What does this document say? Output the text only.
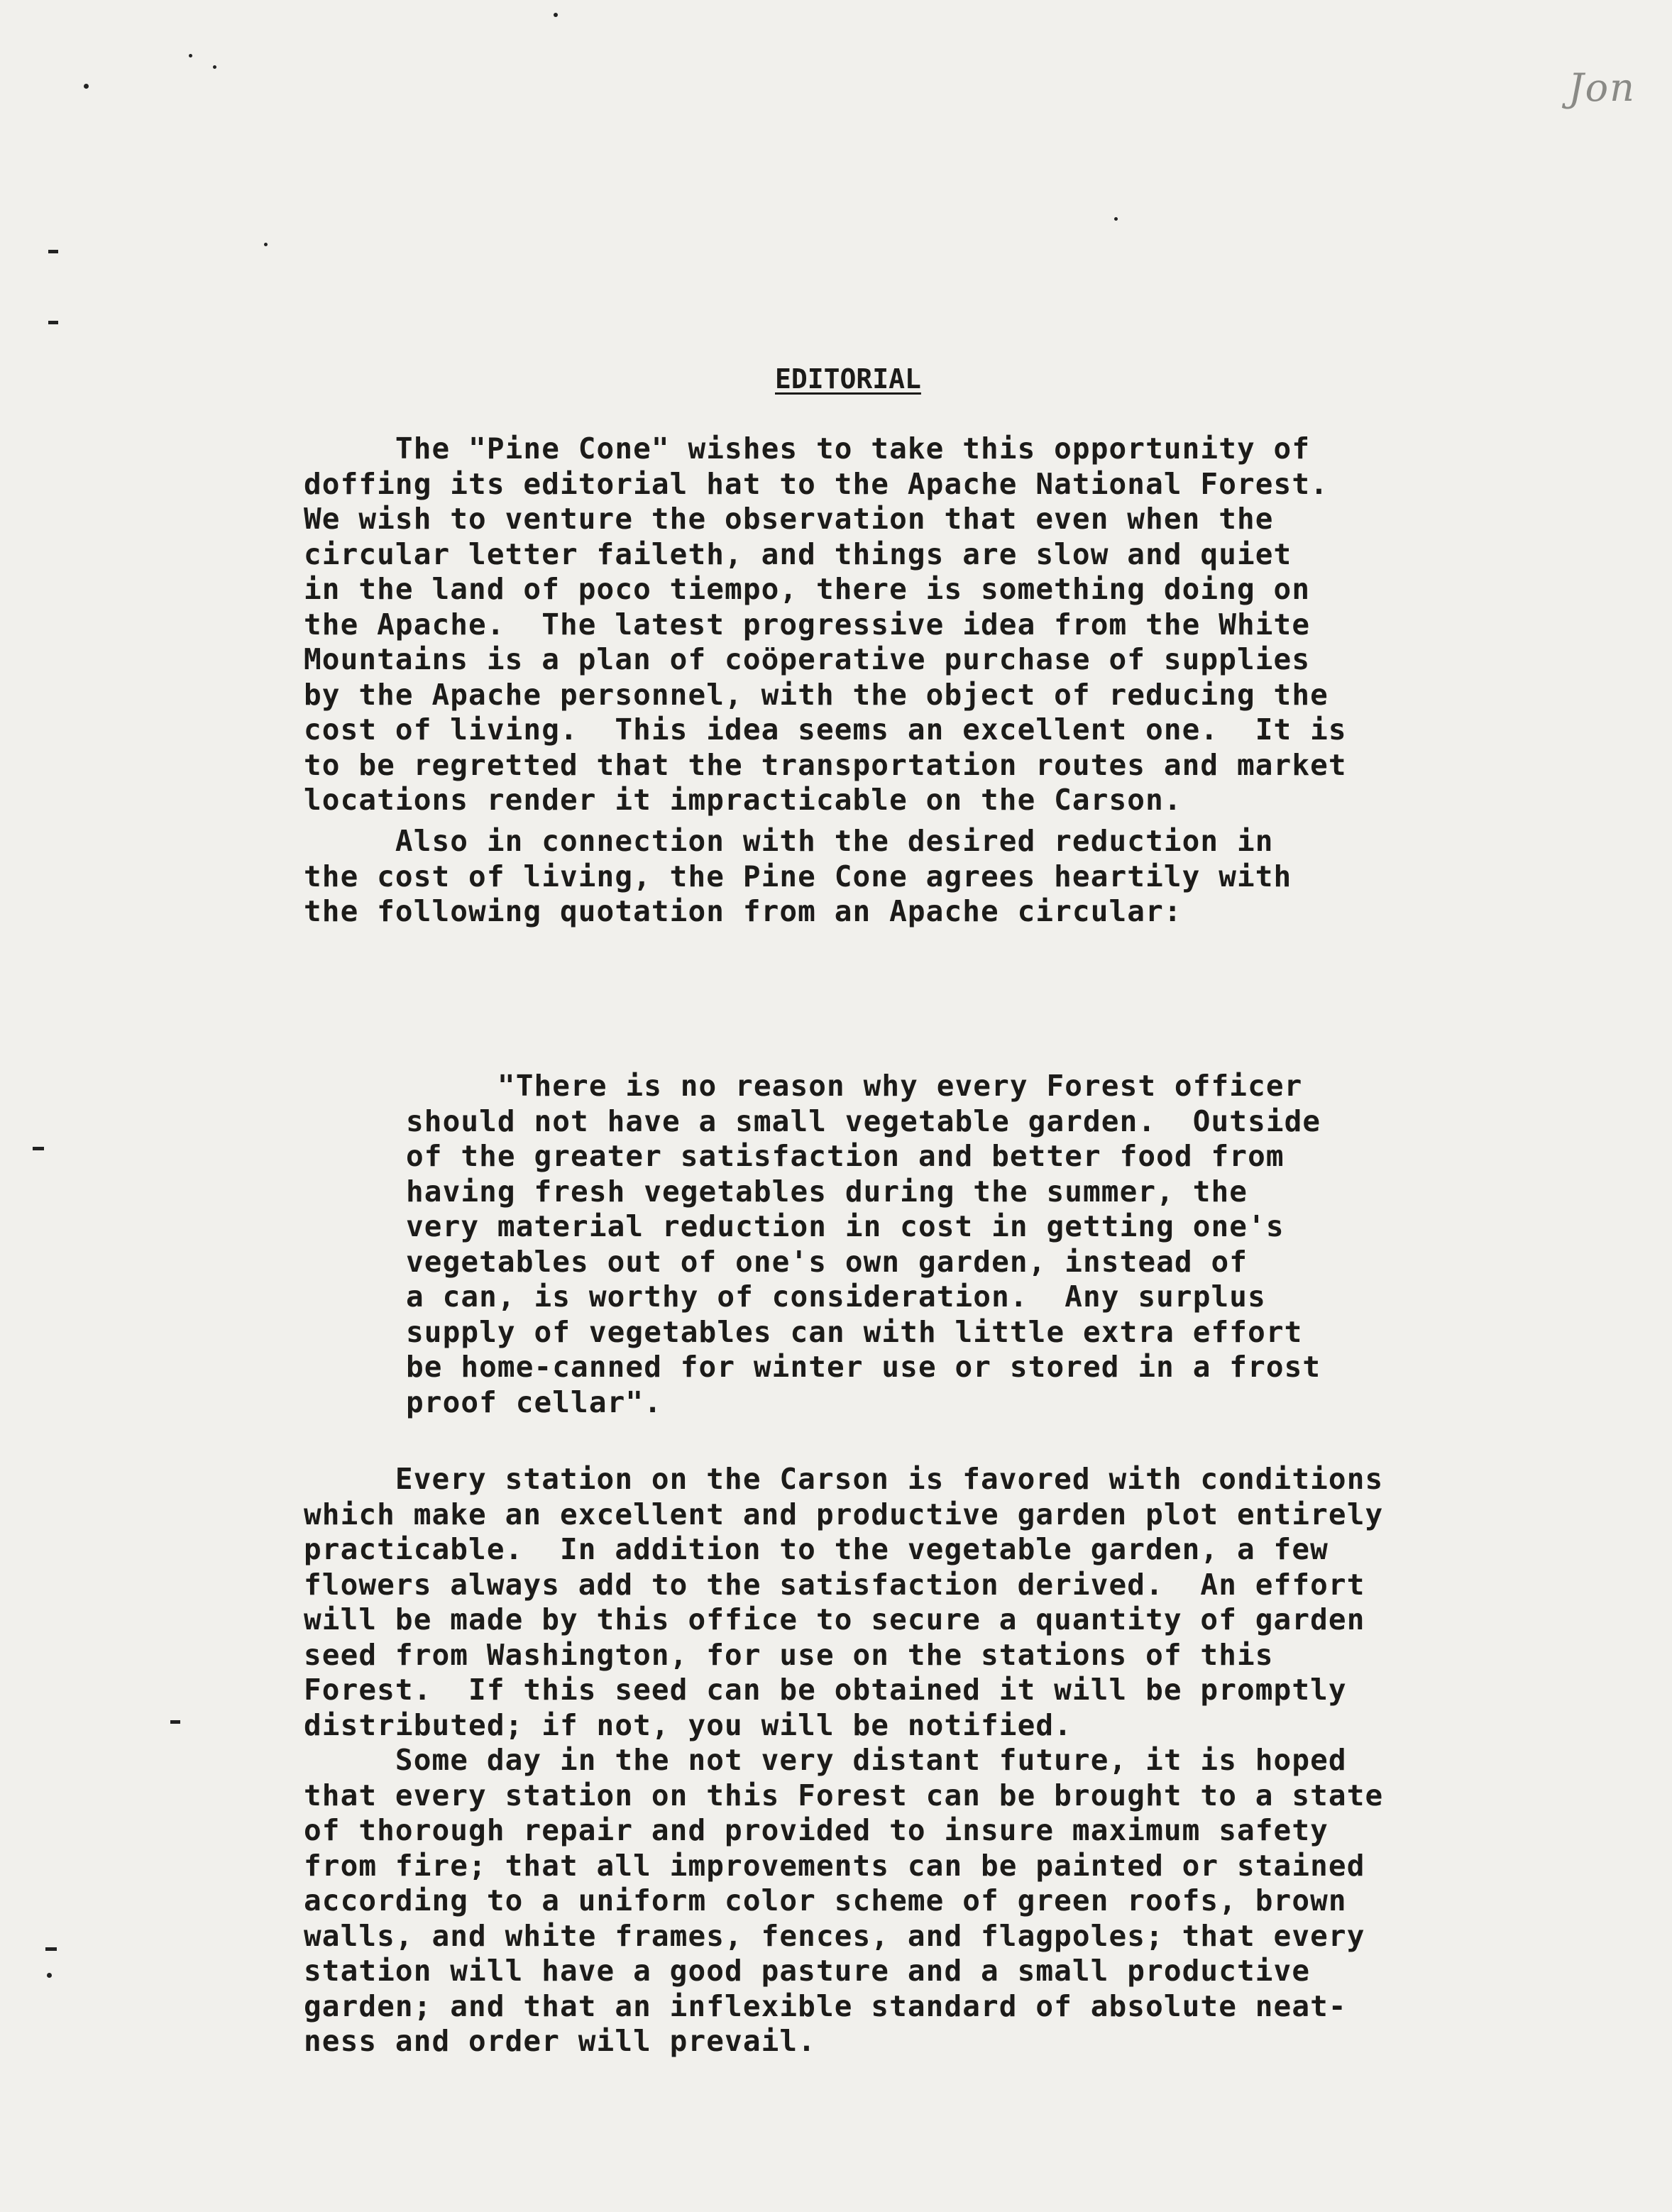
Jon
EDITORIAL
The "Pine Cone" wishes to take this opportunity of
doffing its editorial hat to the Apache National Forest.
We wish to venture the observation that even when the
circular letter faileth, and things are slow and quiet
in the land of poco tiempo, there is something doing on
the Apache.  The latest progressive idea from the White
Mountains is a plan of coöperative purchase of supplies
by the Apache personnel, with the object of reducing the
cost of living.  This idea seems an excellent one.  It is
to be regretted that the transportation routes and market
locations render it impracticable on the Carson.
Also in connection with the desired reduction in
the cost of living, the Pine Cone agrees heartily with
the following quotation from an Apache circular:
"There is no reason why every Forest officer
should not have a small vegetable garden.  Outside
of the greater satisfaction and better food from
having fresh vegetables during the summer, the
very material reduction in cost in getting one's
vegetables out of one's own garden, instead of
a can, is worthy of consideration.  Any surplus
supply of vegetables can with little extra effort
be home-canned for winter use or stored in a frost
proof cellar".
Every station on the Carson is favored with conditions
which make an excellent and productive garden plot entirely
practicable.  In addition to the vegetable garden, a few
flowers always add to the satisfaction derived.  An effort
will be made by this office to secure a quantity of garden
seed from Washington, for use on the stations of this
Forest.  If this seed can be obtained it will be promptly
distributed; if not, you will be notified.
Some day in the not very distant future, it is hoped
that every station on this Forest can be brought to a state
of thorough repair and provided to insure maximum safety
from fire; that all improvements can be painted or stained
according to a uniform color scheme of green roofs, brown
walls, and white frames, fences, and flagpoles; that every
station will have a good pasture and a small productive
garden; and that an inflexible standard of absolute neat-
ness and order will prevail.
